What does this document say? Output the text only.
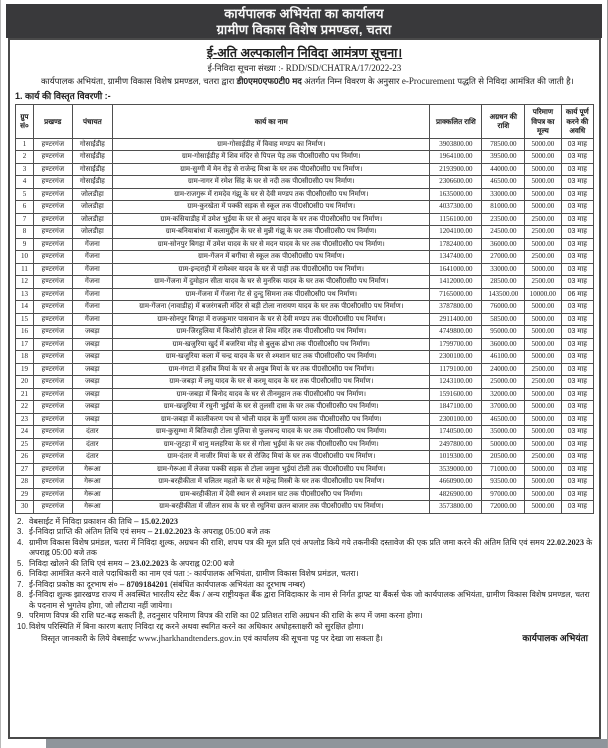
कार्यपालक अभियंता का कार्यालय
ग्रामीण विकास विशेष प्रमण्डल, चतरा
ई-अति अल्पकालीन निविदा आमंत्रण सूचना।
ई-निविदा सूचना संख्या :- RDD/SD/CHATRA/17/2022-23
कार्यपालक अभियंता, ग्रामीण विकास विशेष प्रमण्डल, चतरा द्वारा डी0एम0एफ0टी0 मद अंतर्गत निम्न विवरण के अनुसार e-Procurement पद्धति से निविदा आमंत्रित की जाती है।
1. कार्य की विस्तृत विवरणी :-
ग्रुप सं०	प्रखण्ड	पंचायत	कार्य का नाम	प्राक्कलित राशि	अग्रधन की राशि	परिमाण विपत्र का मूल्य	कार्य पूर्ण करने की अवधि
1	हण्टरगंज	गोसाईंडीह	ग्राम-गोसाईडीह में विवाह मण्डप का निर्माण।	3903800.00	78500.00	5000.00	03 माह
2	हण्टरगंज	गोसाईंडीह	ग्राम-गोसाईडीह में शिव मंदिर से पिपल पेड़ तक पी0सी0सी0 पथ निर्माण।	1964100.00	39500.00	5000.00	03 माह
3	हण्टरगंज	गोसाईंडीह	ग्राम-सुग्गी में मेन रोड़ से राजेन्द्र मिश्रा के घर तक पी0सी0सी0 पथ निर्माण।	2193900.00	44000.00	5000.00	03 माह
4	हण्टरगंज	गोसाईंडीह	ग्राम-नागर में रमेश सिंह के घर से नदी तक पी0सी0सी0 पथ निर्माण।	2306600.00	46500.00	5000.00	03 माह
5	हण्टरगंज	जोलडीहा	ग्राम-राजगुरू में रामदेव गंझू के घर से देवी मण्डप तक पी0सी0सी0 पथ निर्माण।	1635000.00	33000.00	5000.00	03 माह
6	हण्टरगंज	जोलडीहा	ग्राम-कुरखेता में पक्की सड़क से स्कूल तक पी0सी0सी0 पथ निर्माण।	4037300.00	81000.00	5000.00	03 माह
7	हण्टरगंज	जोलडीहा	ग्राम-कसियाडीह में उमेश भुईंया के घर से अनुप यादव के घर तक पी0सी0सी0 पथ निर्माण।	1156100.00	23500.00	2500.00	03 माह
8	हण्टरगंज	जोलडीहा	ग्राम-बनियाबांधा में कलामुद्दीन के घर से मुन्नी गंझू के घर तक पी0सी0सी0 पथ निर्माण।	1204100.00	24500.00	2500.00	03 माह
9	हण्टरगंज	गेंजना	ग्राम-सोनपुर बिगहा में उमेश यादव के घर से मदन यादव के घर तक पी0सी0सी0 पथ निर्माण।	1782400.00	36000.00	5000.00	03 माह
10	हण्टरगंज	गेंजना	ग्राम-गेंजन में बगीचा से स्कूल तक पी0सी0सी0 पथ निर्माण।	1347400.00	27000.00	2500.00	03 माह
11	हण्टरगंज	गेंजना	ग्राम-इन्दराही में रामेश्वर यादव के घर से पाही तक पी0सी0सी0 पथ निर्माण।	1641000.00	33000.00	5000.00	03 माह
12	हण्टरगंज	गेंजना	ग्राम-गेंजना में दुमोहान सीता यादव के घर से मुनरिक यादव के घर तक पी0सी0सी0 पथ निर्माण।	1412000.00	28500.00	2500.00	03 माह
13	हण्टरगंज	गेंजना	ग्राम-गेंजना में गेंजना गेट से दुन्दु सिमना तक पी0सी0सी0 पथ निर्माण।	7165000.00	143500.00	10000.00	06 माह
14	हण्टरगंज	गेंजना	ग्राम-गेंजना (नावाडीह) में बजरंगबली मंदिर से बड़ी टोला नारायण यादव के घर तक पी0सी0सी0 पथ निर्माण।	3787800.00	76000.00	5000.00	03 माह
15	हण्टरगंज	गेंजना	ग्राम-सोनपुर बिगहा में राजकुमार पासवान के घर से देवी मण्डप तक पी0सी0सी0 पथ निर्माण।	2911400.00	58500.00	5000.00	03 माह
16	हण्टरगंज	जबड़ा	ग्राम-जिरहुलिया में किशोरी होटल से शिव मंदिर तक पी0सी0सी0 पथ निर्माण।	4749800.00	95000.00	5000.00	03 माह
17	हण्टरगंज	जबड़ा	ग्राम-खजुरिया खुर्द में बजरिया मोड़ से बुलुक ढोभा तक पी0सी0सी0 पथ निर्माण।	1799700.00	36000.00	5000.00	03 माह
18	हण्टरगंज	जबड़ा	ग्राम-खजुरिया कला में चन्द्र यादव के घर से श्मशान घाट तक पी0सी0सी0 पथ निर्माण।	2300100.00	46100.00	5000.00	03 माह
19	हण्टरगंज	जबड़ा	ग्राम-गंगटा में हसीब मियां के घर से अयुब मियां के घर तक पी0सी0सी0 पथ निर्माण।	1179100.00	24000.00	2500.00	03 माह
20	हण्टरगंज	जबड़ा	ग्राम-जबड़ा में लघु यादव के घर से करमू यादव के घर तक पी0सी0सी0 पथ निर्माण।	1243100.00	25000.00	2500.00	03 माह
21	हण्टरगंज	जबड़ा	ग्राम-जबड़ा में बिनोद यादव के घर से तीनमुहान तक पी0सी0सी0 पथ निर्माण।	1591600.00	32000.00	5000.00	03 माह
22	हण्टरगंज	जबड़ा	ग्राम-खजुरिया में रघुनी भुईयां के घर से तुलसी दास के घर तक पी0सी0सी0 पथ निर्माण।	1847100.00	37000.00	5000.00	03 माह
23	हण्टरगंज	जबड़ा	ग्राम-जबड़ा में कालीकरण पथ से भोली यादव के मुर्गी फारम तक पी0सी0सी0 पथ निर्माण।	2300100.00	46500.00	5000.00	03 माह
24	हण्टरगंज	दंतार	ग्राम-कुसुम्भा में बितियाही टोला पुलिया से फुलचन्द यादव के घर तक पी0सी0सी0 पथ निर्माण।	1740500.00	35000.00	5000.00	03 माह
25	हण्टरगंज	दंतार	ग्राम-जुटहा में धानु मलहरिया के घर से गोला भुईयां के घर तक पी0सी0सी0 पथ निर्माण।	2497800.00	50000.00	5000.00	03 माह
26	हण्टरगंज	दंतार	ग्राम-दंतार में नाजीर मियां के घर से रोजिद मियां के घर तक पी0सी0सी0 पथ निर्माण।	1019300.00	20500.00	2500.00	03 माह
27	हण्टरगंज	गेरूआ	ग्राम-गेरूआ में लेजवा पक्की सड़क से टोला जमुना भुईयां टोली तक पी0सी0सी0 पथ निर्माण।	3539000.00	71000.00	5000.00	03 माह
28	हण्टरगंज	गेरूआ	ग्राम-बरहीकीता में चलितर महतो के घर से महेन्द्र मिस्त्री के घर तक पी0सी0सी0 पथ निर्माण।	4660900.00	93500.00	5000.00	03 माह
29	हण्टरगंज	गेरूआ	ग्राम-बरहीकीता में देवी स्थान से श्मशान घाट तक पी0सी0सी0 पथ निर्माण।	4826900.00	97000.00	5000.00	03 माह
30	हण्टरगंज	गेरूआ	ग्राम-बरहीकीता में जीतन साव के घर से रघुनिया छतन बाजार तक पी0सी0सी0 पथ निर्माण।	3573800.00	72000.00	5000.00	03 माह
2. वेबसाईट में निविदा प्रकाशन की तिथि – 15.02.2023
3. ई-निविदा प्राप्ति की अंतिम तिथि एवं समय – 21.02.2023 के अपराह्न 05:00 बजे तक
4. ग्रामीण विकास विशेष प्रमंडल, चतरा में निविदा शुल्क, अग्रधन की राशि, शपथ पत्र की मूल प्रति एवं अपलोड किये गये तकनीकी दस्तावेज की एक प्रति जमा करने की अंतिम तिथि एवं समय 22.02.2023 के अपराह्न 05:00 बजे तक
5. निविदा खोलने की तिथि एवं समय – 23.02.2023 के अपराह्न 02:00 बजे
6. निविदा आमंत्रित करने वाले पदाधिकारी का नाम एवं पता :- कार्यपालक अभियंता, ग्रामीण विकास विशेष प्रमंडल, चतरा।
7. ई-निविदा प्रकोष्ठ का दूरभाष सं० – 8709184201 (संबंधित कार्यपालक अभियंता का दूरभाष नम्बर)
8. ई-निविदा शुल्क झारखण्ड राज्य में अवस्थित भारतीय स्टेट बैंक / अन्य राष्ट्रीयकृत बैंक द्वारा निविदाकार के नाम से निर्गत ड्राफ्ट या बैंकर्स चेक जो कार्यपालक अभियंता, ग्रामीण विकास विशेष प्रमण्डल, चतरा के पदनाम से भुगतेय होगा, जो लौटाया नहीं जायेगा।
9. परिमाण विपत्र की राशि घट-बढ़ सकती है, तदनुसार परिमाण विपत्र की राशि का 02 प्रतिशत राशि अग्रधन की राशि के रूप में जमा करना होगा।
10. विशेष परिस्थिति में बिना कारण बताए निविदा रद्द करने अथवा स्थगित करने का अधिकार अधोहस्ताक्षरी को सुरक्षित होगा।
विस्तृत जानकारी के लिये वेबसाईट www.jharkhandtenders.gov.in एवं कार्यालय की सूचना पट्ट पर देखा जा सकता है।	कार्यपालक अभियंता
